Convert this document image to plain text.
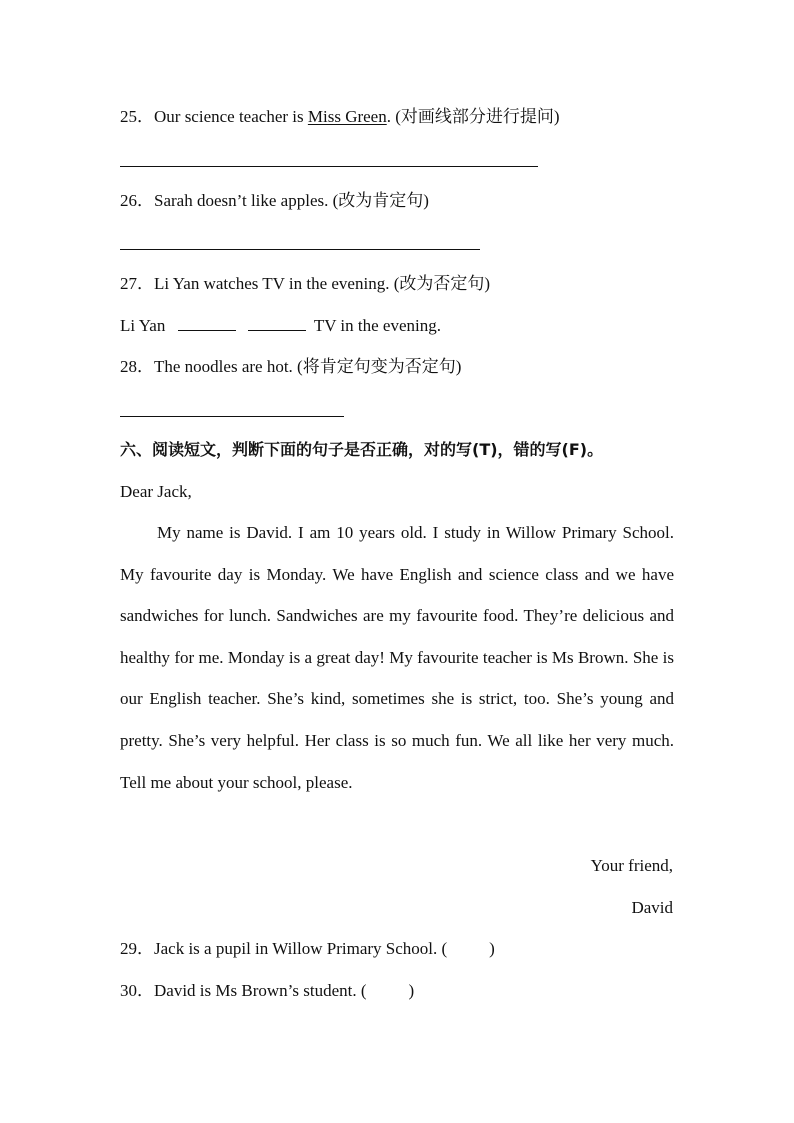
25．Our science teacher is Miss Green. (对画线部分进行提问)
26．Sarah doesn’t like apples. (改为肯定句)
27．Li Yan watches TV in the evening. (改为否定句)
Li Yan	TV in the evening.
28．The noodles are hot. (将肯定句变为否定句)
六、阅读短文，判断下面的句子是否正确，对的写(T)，错的写(F)。
Dear Jack,
My name is David. I am 10 years old. I study in Willow Primary School. My favourite day is Monday. We have English and science class and we have sandwiches for lunch. Sandwiches are my favourite food. They’re delicious and healthy for me. Monday is a great day! My favourite teacher is Ms Brown. She is our English teacher. She’s kind, sometimes she is strict, too. She’s young and pretty. She’s very helpful. Her class is so much fun. We all like her very much. Tell me about your school, please.
Your friend,
David
29．Jack is a pupil in Willow Primary School. ( )
30．David is Ms Brown’s student. ( )
